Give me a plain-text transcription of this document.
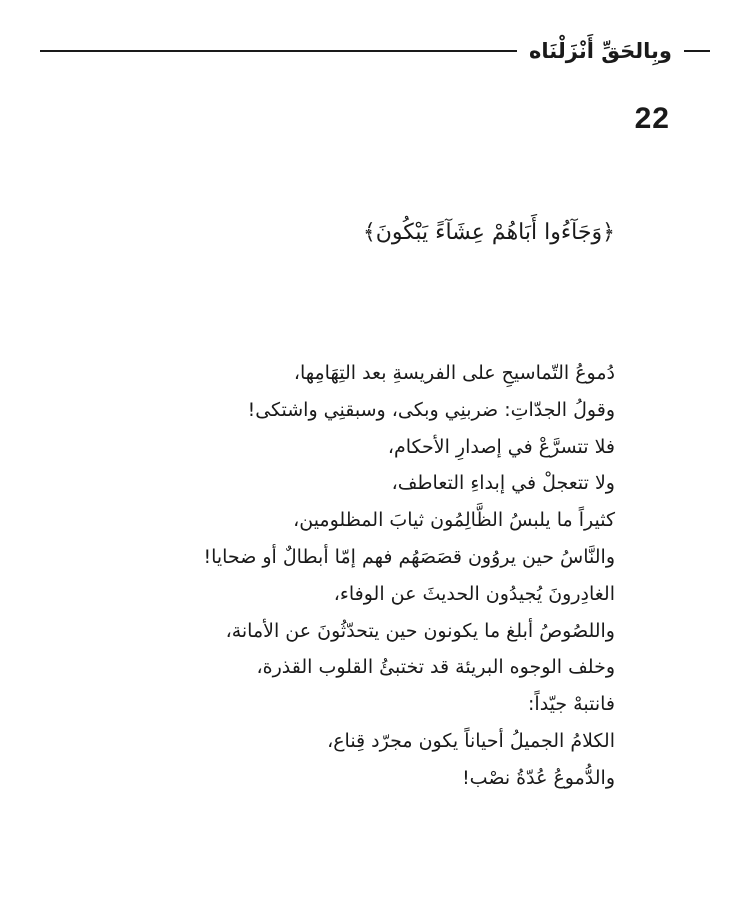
وبِالحَقِّ أَنْزَلْنَاه
22
﴿وَجَآءُوا أَبَاهُمْ عِشَآءً يَبْكُونَ﴾
دُموعُ التّماسيحِ على الفريسةِ بعد التِهَامِها،
وقولُ الجدّاتِ: ضربنِي وبكى، وسبقنِي واشتكى!
فلا تتسرَّعْ في إصدارِ الأحكام،
ولا تتعجلْ في إبداءِ التعاطف،
كثيراً ما يلبسُ الظَّالِمُون ثيابَ المظلومين،
والنَّاسُ حين يروُون قصَصَهُم فهم إمّا أبطالٌ أو ضحايا!
الغادِرونَ يُجيدُون الحديثَ عن الوفاء،
واللصُوصُ أبلغ ما يكونون حين يتحدّثُونَ عن الأمانة،
وخلف الوجوه البريئة قد تختبئُ القلوب القذرة،
فانتبهْ جيّداً:
الكلامُ الجميلُ أحياناً يكون مجرّد قِناع،
والدُّموعُ عُدّةُ نصْب!
